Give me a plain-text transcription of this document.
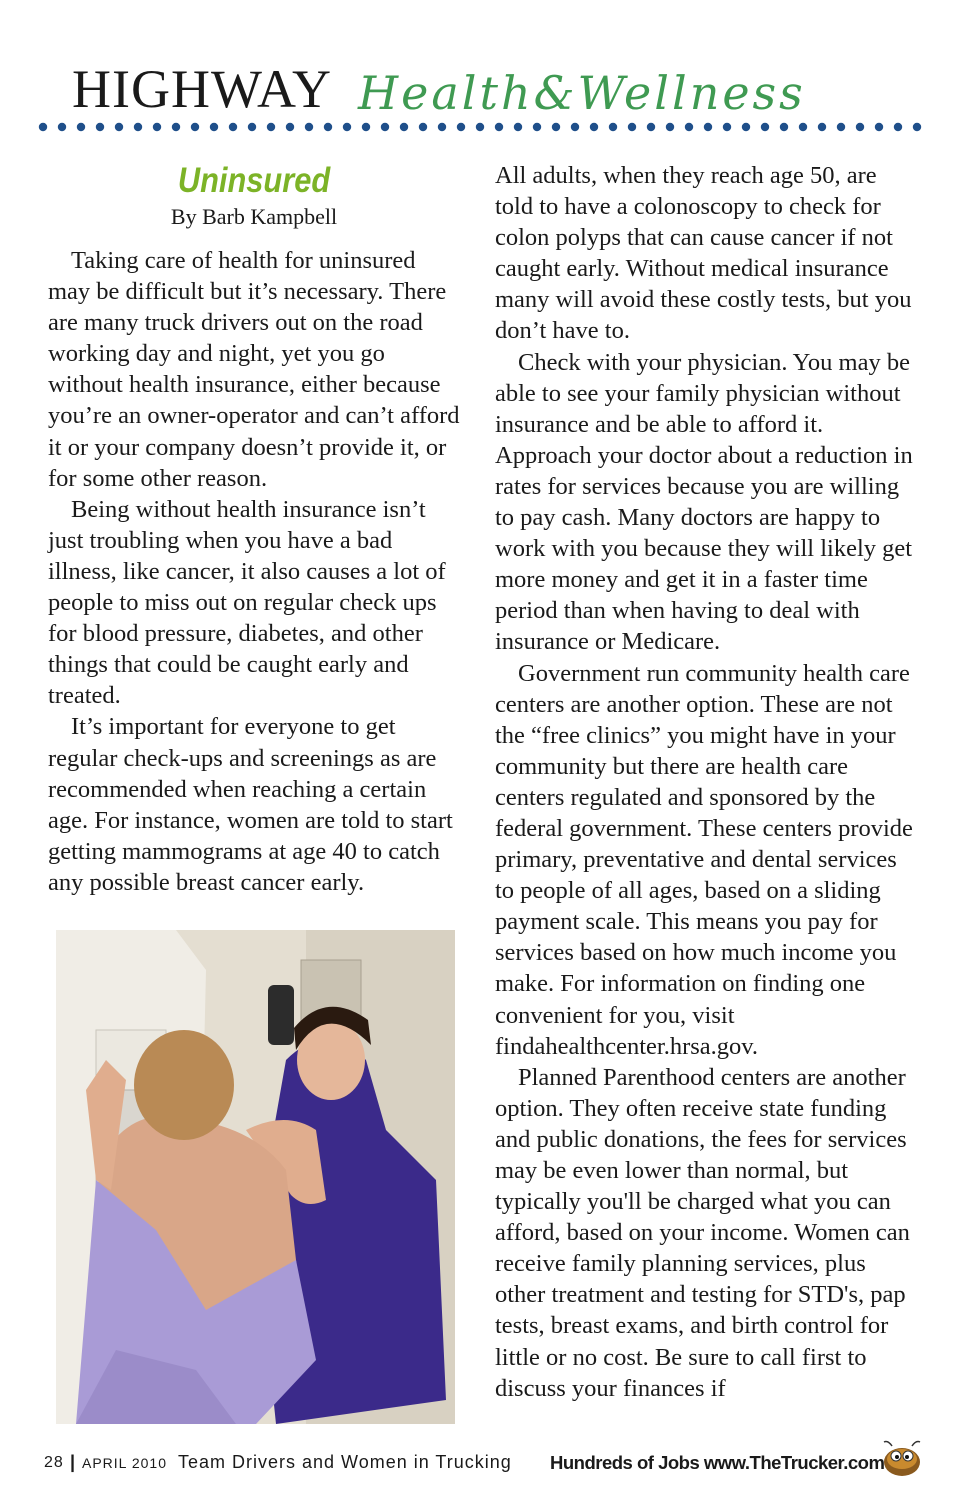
HIGHWAY Health&Wellness
Uninsured
By Barb Kampbell

Taking care of health for uninsured may be difficult but it’s necessary. There are many truck drivers out on the road working day and night, yet you go without health insurance, either because you’re an owner-operator and can’t afford it or your company doesn’t provide it, or for some other reason.

Being without health insurance isn’t just troubling when you have a bad illness, like cancer, it also causes a lot of people to miss out on regular check ups for blood pressure, diabetes, and other things that could be caught early and treated.

It’s important for everyone to get regular check-ups and screenings as are recommended when reaching a certain age. For instance, women are told to start getting mammograms at age 40 to catch any possible breast cancer early.

All adults, when they reach age 50, are told to have a colonoscopy to check for colon polyps that can cause cancer if not caught early. Without medical insurance many will avoid these costly tests, but you don’t have to.

Check with your physician. You may be able to see your family physician without insurance and be able to afford it. Approach your doctor about a reduction in rates for services because you are willing to pay cash. Many doctors are happy to work with you because they will likely get more money and get it in a faster time period than when having to deal with insurance or Medicare.

Government run community health care centers are another option. These are not the “free clinics” you might have in your community but there are health care centers regulated and sponsored by the federal government. These centers provide primary, preventative and dental services to people of all ages, based on a sliding payment scale. This means you pay for services based on how much income you make. For information on finding one convenient for you, visit findahealthcenter.hrsa.gov.

Planned Parenthood centers are another option. They often receive state funding and public donations, the fees for services may be even lower than normal, but typically you'll be charged what you can afford, based on your income. Women can receive family planning services, plus other treatment and testing for STD's, pap tests, breast exams, and birth control for little or no cost. Be sure to call first to discuss your finances if

28 | APRIL 2010 Team Drivers and Women in Trucking Hundreds of Jobs www.TheTrucker.com
